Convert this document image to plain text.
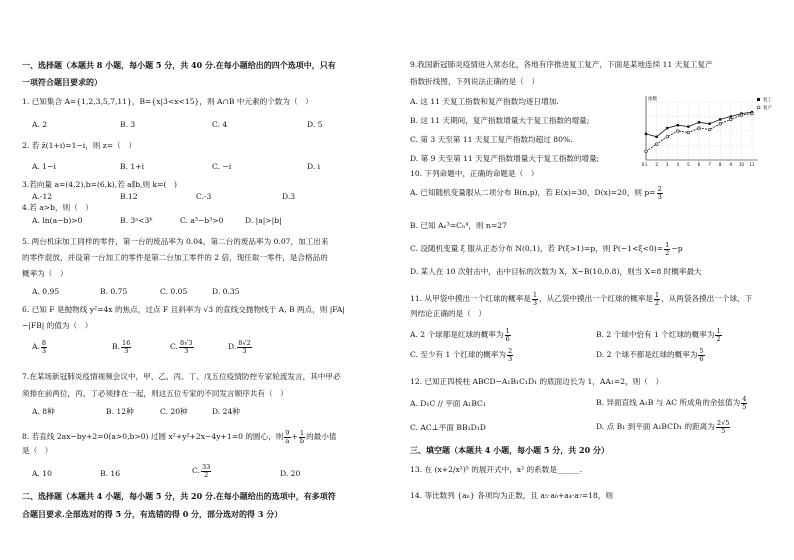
一、选择题（本题共 8 小题，每小题 5 分，共 40 分.在每小题给出的四个选项中，只有
一项符合题目要求的）
1. 已知集合 A={1,2,3,5,7,11}，B={x|3<x<15}，则 A∩B 中元素的个数为（　）
A. 2	B. 3	C. 4	D. 5
2. 若 z̄(1+i)=1−i，则 z=（　）
A. 1−i	B. 1+i	C. −i	D. i
3.若向量 a=(4,2),b=(6,k),若 a∥b,则 k=(　)
A.-12	B.12	C.-3	D.3
4.若 a>b，则（　）
A. ln(a−b)>0	B. 3ᵃ<3ᵇ	C. a³−b³>0	D. |a|>|b|
5. 两台机床加工同样的零件，第一台的废品率为 0.04，第二台的废品率为 0.07，加工出来
的零件混放，并设第一台加工的零件是第二台加工零件的 2 倍，现任取一零件，是合格品的
概率为（　）
A. 0.95	B. 0.75	C. 0.05	D. 0.35
6. 已知 F 是抛物线 y²=4x 的焦点，过点 F 且斜率为 √3 的直线交抛物线于 A, B 两点，则 |FA|
−|FB| 的值为（　）
A. $\frac{8}{3}$	B. $\frac{16}{3}$	C. $\frac{8√3}{3}$	D. $\frac{8√2}{3}$
7.在某场新冠肺炎疫情视频会议中，甲、乙、丙、丁、戊五位疫情防控专家轮流发言，其中甲必
须排在前两位，丙、丁必须排在一起，则这五位专家的不同发言顺序共有（　）
A. 8种	B. 12种	C. 20种	D. 24种
8. 若直线 2ax−by+2=0(a>0,b>0) 过圆 x²+y²+2x−4y+1=0 的圆心，则 $\frac{9}{a} + \frac{1}{b}$ 的最小值
是（　）
A. 10	B. 16	C. $\frac{33}{2}$	D. 20
二、选择题（本题共 4 小题，每小题 5 分，共 20 分.在每小题给出的选项中，有多项符
合题目要求.全部选对的得 5 分，有选错的得 0 分，部分选对的得 3 分）
9.我国新冠肺炎疫情进入常态化，各地有序推进复工复产，下面是某地连续 11 天复工复产
指数折线图，下列说法正确的是（　）
A. 这 11 天复工指数和复产指数均逐日增加.
B. 这 11 天期间，复产指数增量大于复工指数的增量;
C. 第 3 天至第 11 天复工复产指数均超过 80%.
D. 第 9 天至第 11 天复产指数增量大于复工指数的增量;
10. 下列命题中，正确的命题是（　）
A. 已知随机变量服从二项分布 B(n,p)，若 E(x)=30，D(x)=20，则 $p= \frac{2}{3}$
B. 已知 Aₙ³=Cₙ⁴，则 n=27
C. 设随机变量 ξ 服从正态分布 N(0,1)，若 P(ξ>1)=p，则 $P(-1<\xi<0)= \frac{1}{2} -p$
D. 某人在 10 次射击中，击中目标的次数为 X，X∼B(10,0.8)，则当 X=8 时概率最大
11. 从甲袋中摸出一个红球的概率是 $\frac{1}{3}$ ，从乙袋中摸出一个红球的概率是 $\frac{1}{2}$ ，从两袋各摸出一个球，下
列结论正确的是（　）
A. 2 个球都是红球的概率为 $\frac{1}{6}$	B. 2 个球中恰有 1 个红球的概率为 $\frac{1}{2}$
C. 至少有 1 个红球的概率为 $\frac{2}{3}$	D. 2 个球不都是红球的概率为 $\frac{5}{6}$
12. 已知正四棱柱 ABCD−A₁B₁C₁D₁ 的底面边长为 1，AA₁=2，则（　）
A. D₁C // 平面 A₁BC₁	B. 异面直线 A₁B 与 AC 所成角的余弦值为 $\frac{4}{5}$
C. AC⊥平面 BB₁D₁D	D. 点 B₁ 到平面 A₁BCD₁ 的距离为 $\frac{2√5}{5}$
三、填空题（本题共 4 小题，每小题 5 分，共 20 分）
13. 在 (x+2/x²)⁵ 的展开式中，x² 的系数是______.
14. 等比数列 {aₙ} 各项均为正数，且 a₅·a₆+a₄·a₇=18，则
指数
1 2 3 4 5 6 7 8 9 10 11
0
复工
复产
